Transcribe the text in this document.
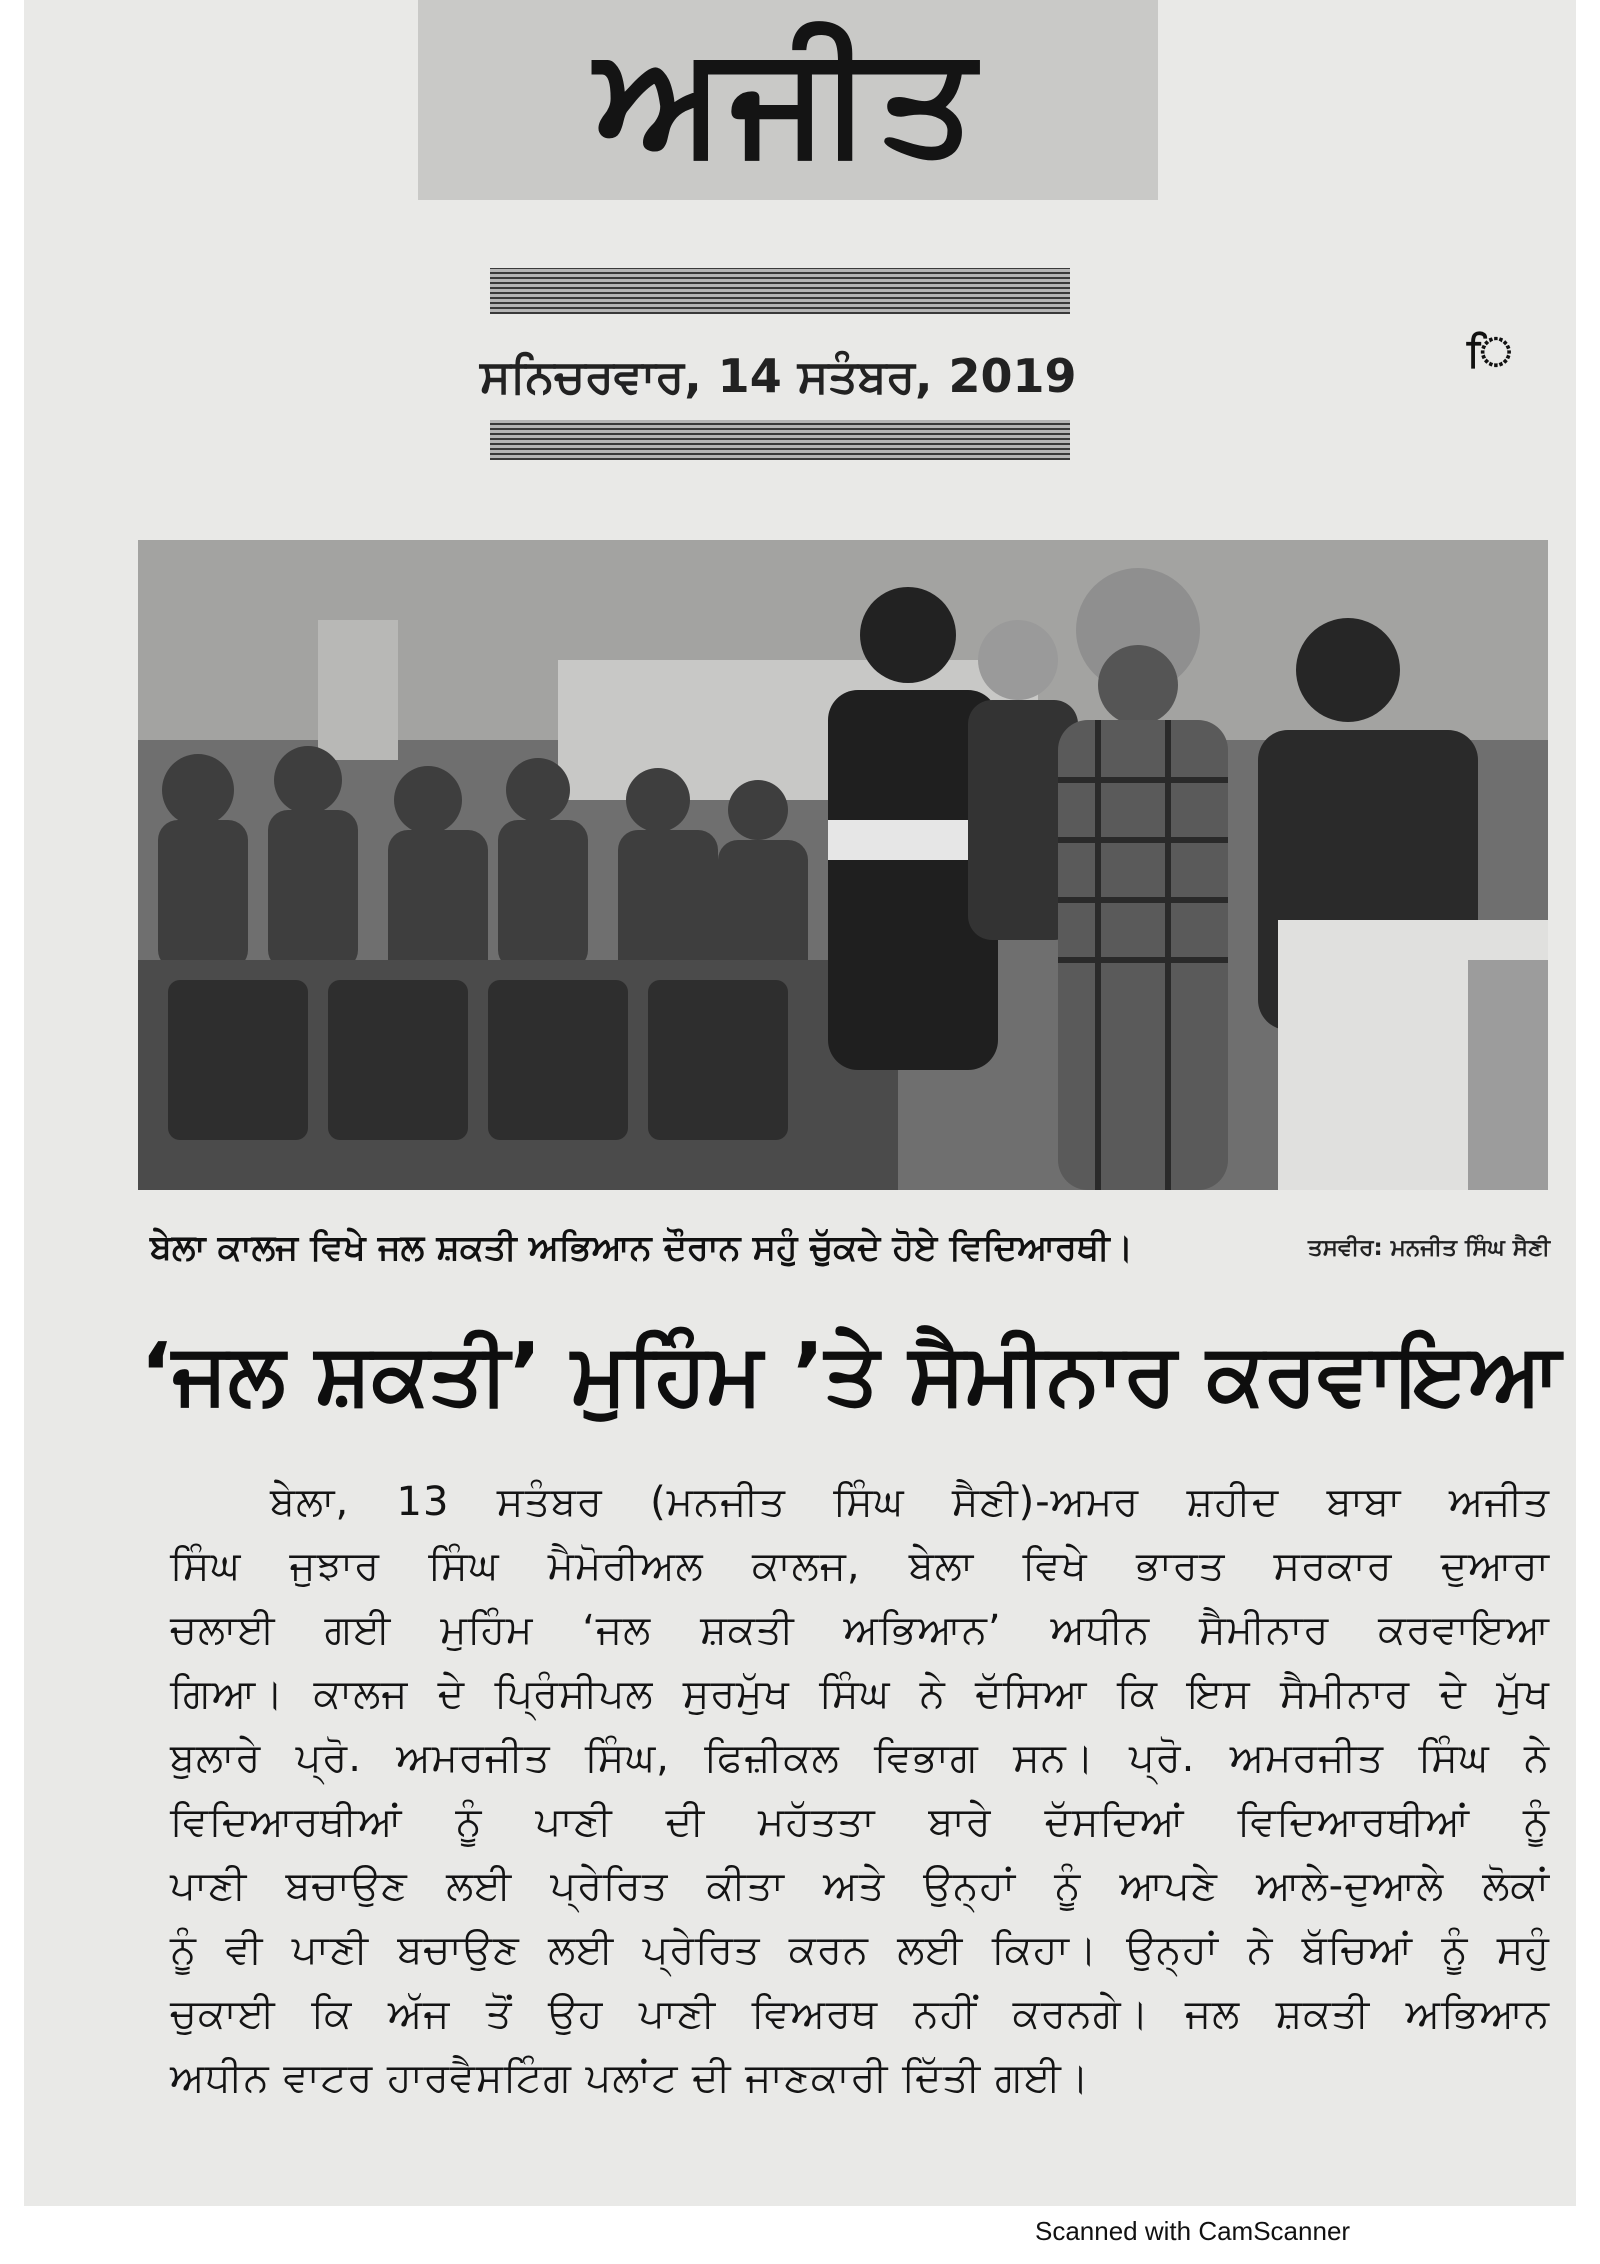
ਅਜੀਤ
ਸਨਿਚਰਵਾਰ, 14 ਸਤੰਬਰ, 2019	ਿ
ਬੇਲਾ ਕਾਲਜ ਵਿਖੇ ਜਲ ਸ਼ਕਤੀ ਅਭਿਆਨ ਦੌਰਾਨ ਸਹੁੰ ਚੁੱਕਦੇ ਹੋਏ ਵਿਦਿਆਰਥੀ।	ਤਸਵੀਰ: ਮਨਜੀਤ ਸਿੰਘ ਸੈਣੀ
‘ਜਲ ਸ਼ਕਤੀ’ ਮੁਹਿੰਮ ’ਤੇ ਸੈਮੀਨਾਰ ਕਰਵਾਇਆ
ਬੇਲਾ, 13 ਸਤੰਬਰ (ਮਨਜੀਤ ਸਿੰਘ ਸੈਣੀ)-ਅਮਰ ਸ਼ਹੀਦ ਬਾਬਾ ਅਜੀਤ
ਸਿੰਘ ਜੁਝਾਰ ਸਿੰਘ ਮੈਮੋਰੀਅਲ ਕਾਲਜ, ਬੇਲਾ ਵਿਖੇ ਭਾਰਤ ਸਰਕਾਰ ਦੁਆਰਾ
ਚਲਾਈ ਗਈ ਮੁਹਿੰਮ ‘ਜਲ ਸ਼ਕਤੀ ਅਭਿਆਨ’ ਅਧੀਨ ਸੈਮੀਨਾਰ ਕਰਵਾਇਆ
ਗਿਆ। ਕਾਲਜ ਦੇ ਪ੍ਰਿੰਸੀਪਲ ਸੁਰਮੁੱਖ ਸਿੰਘ ਨੇ ਦੱਸਿਆ ਕਿ ਇਸ ਸੈਮੀਨਾਰ ਦੇ ਮੁੱਖ
ਬੁਲਾਰੇ ਪ੍ਰੋ. ਅਮਰਜੀਤ ਸਿੰਘ, ਫਿਜ਼ੀਕਲ ਵਿਭਾਗ ਸਨ। ਪ੍ਰੋ. ਅਮਰਜੀਤ ਸਿੰਘ ਨੇ
ਵਿਦਿਆਰਥੀਆਂ ਨੂੰ ਪਾਣੀ ਦੀ ਮਹੱਤਤਾ ਬਾਰੇ ਦੱਸਦਿਆਂ ਵਿਦਿਆਰਥੀਆਂ ਨੂੰ
ਪਾਣੀ ਬਚਾਉਣ ਲਈ ਪ੍ਰੇਰਿਤ ਕੀਤਾ ਅਤੇ ਉਨ੍ਹਾਂ ਨੂੰ ਆਪਣੇ ਆਲੇ-ਦੁਆਲੇ ਲੋਕਾਂ
ਨੂੰ ਵੀ ਪਾਣੀ ਬਚਾਉਣ ਲਈ ਪ੍ਰੇਰਿਤ ਕਰਨ ਲਈ ਕਿਹਾ। ਉਨ੍ਹਾਂ ਨੇ ਬੱਚਿਆਂ ਨੂੰ ਸਹੁੰ
ਚੁਕਾਈ ਕਿ ਅੱਜ ਤੋਂ ਉਹ ਪਾਣੀ ਵਿਅਰਥ ਨਹੀਂ ਕਰਨਗੇ। ਜਲ ਸ਼ਕਤੀ ਅਭਿਆਨ
ਅਧੀਨ ਵਾਟਰ ਹਾਰਵੈਸਟਿੰਗ ਪਲਾਂਟ ਦੀ ਜਾਣਕਾਰੀ ਦਿੱਤੀ ਗਈ।
Scanned with CamScanner
